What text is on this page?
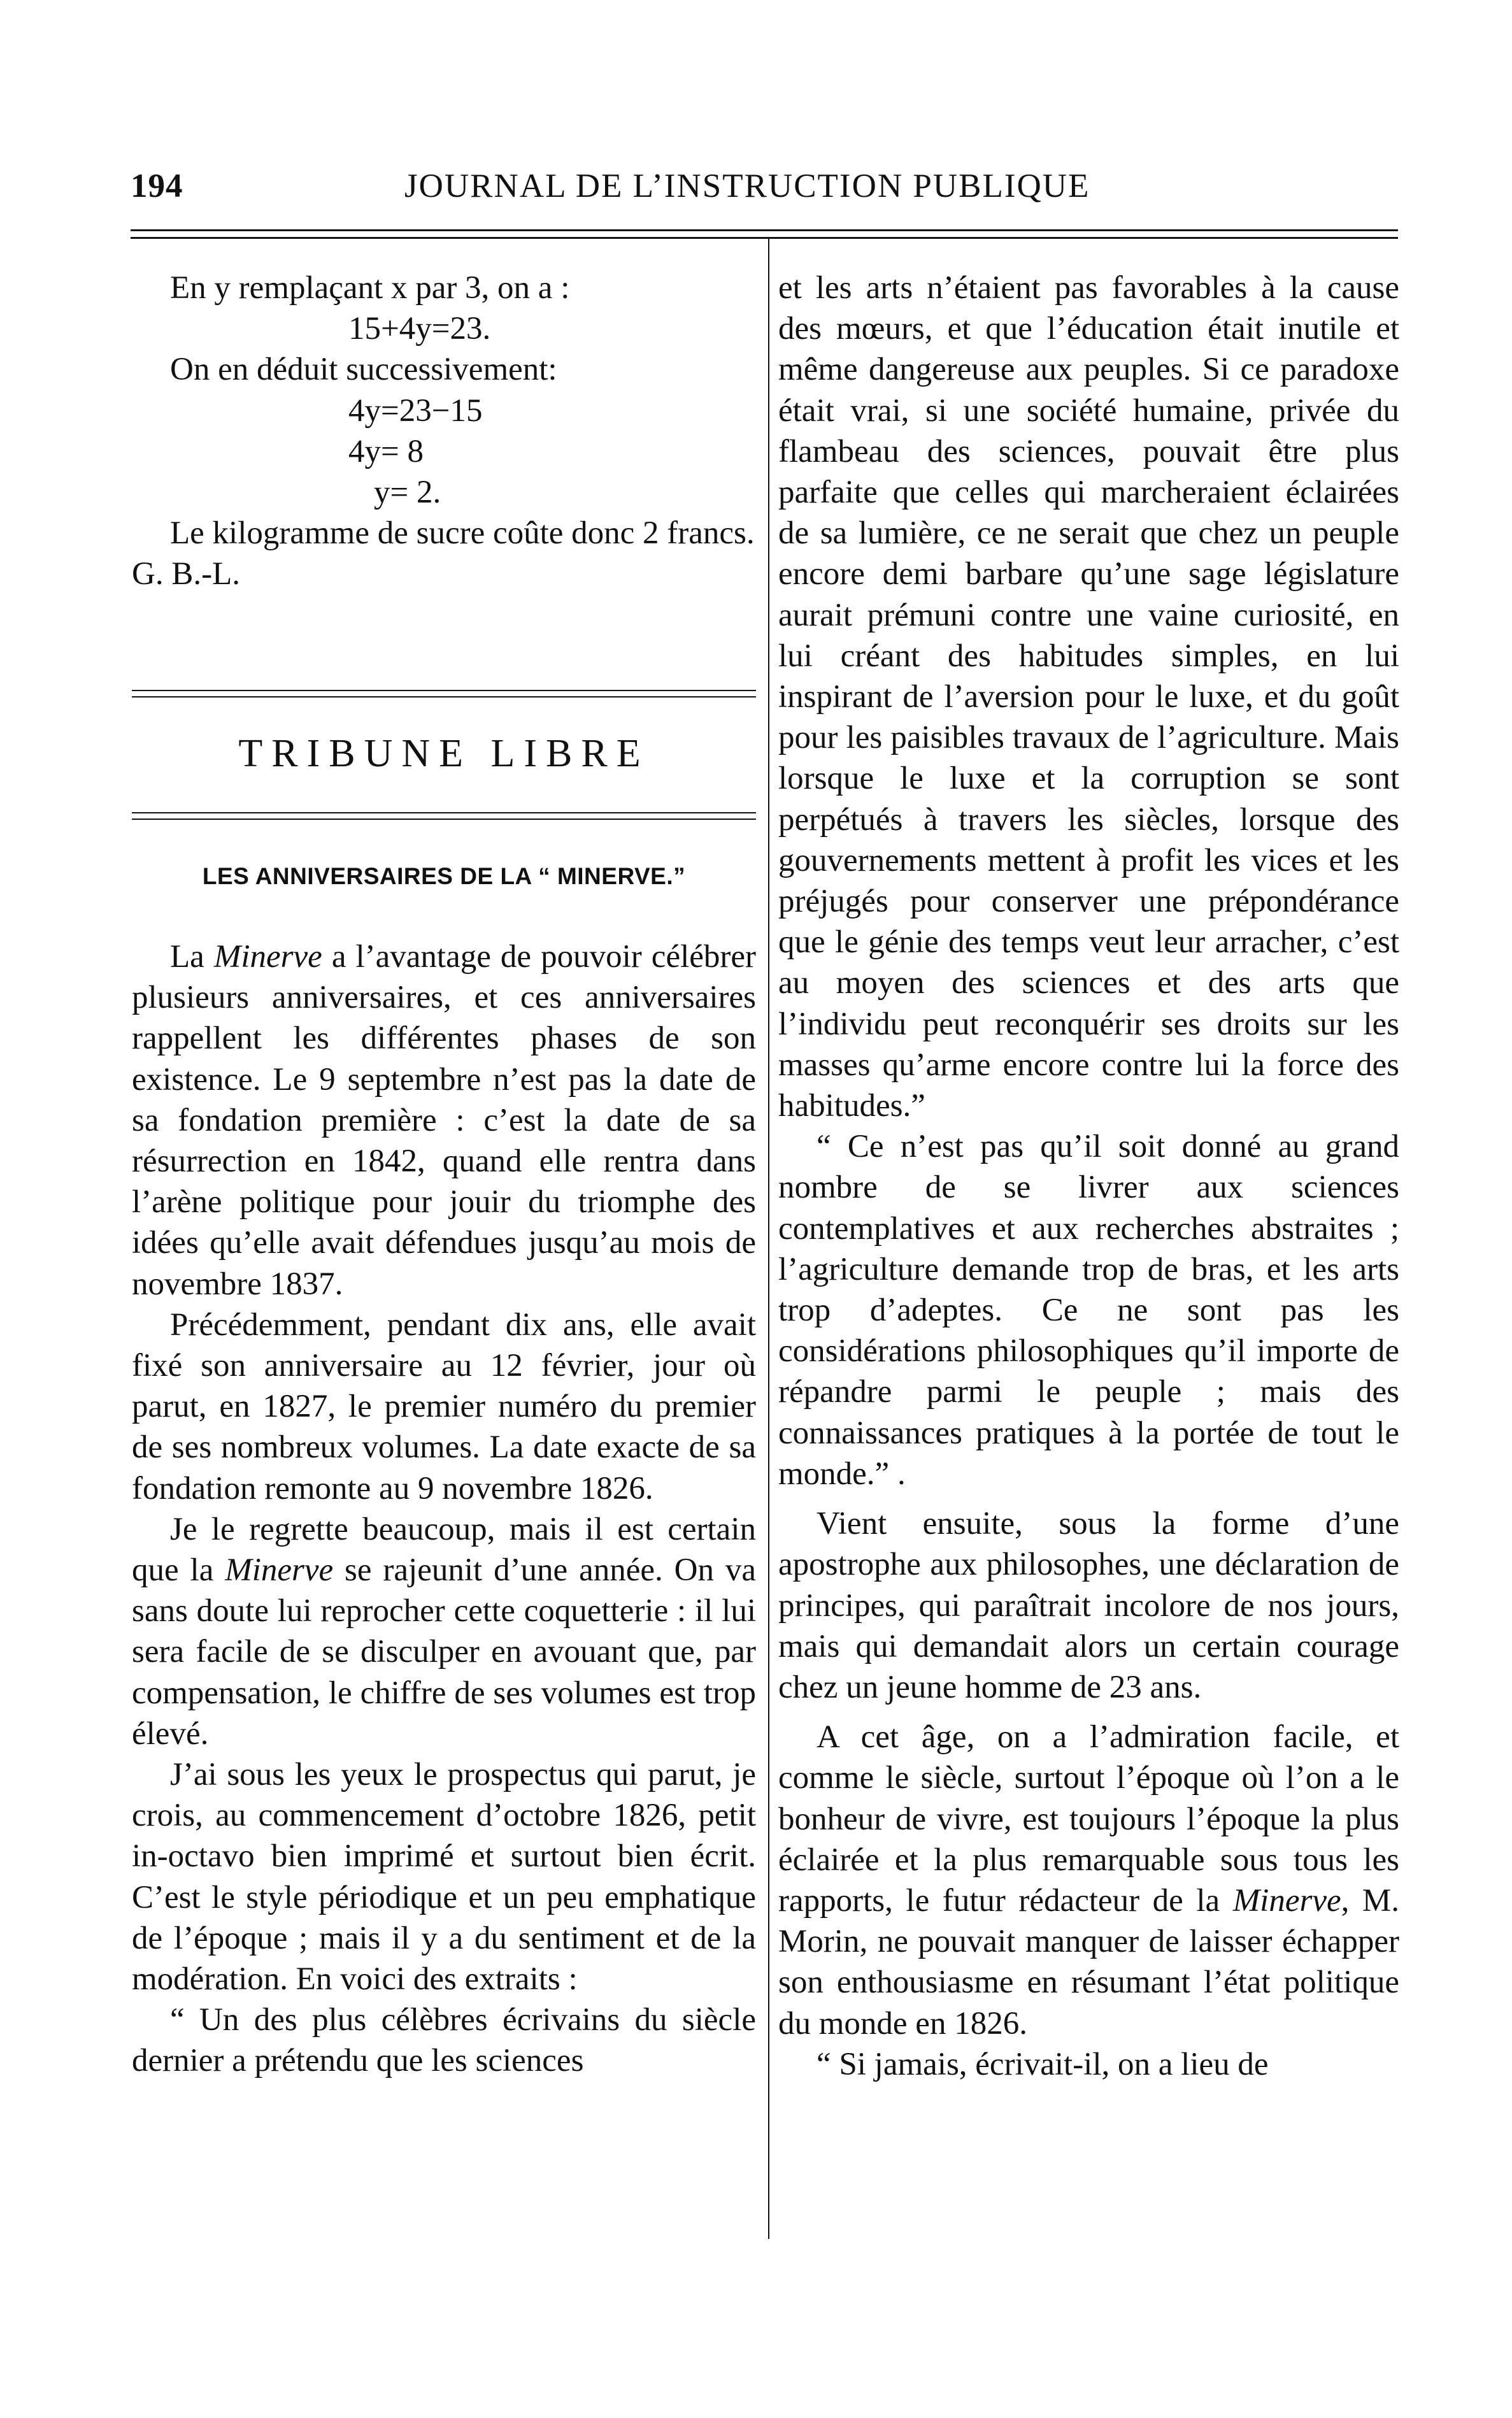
194	JOURNAL DE L’INSTRUCTION PUBLIQUE

En y remplaçant x par 3, on a :

15+4y=23.

On en déduit successivement:

4y=23−15

4y= 8

y= 2.

Le kilogramme de sucre coûte donc 2 francs.

G. B.-L.

TRIBUNE LIBRE
LES ANNIVERSAIRES DE LA “ MINERVE.”

La Minerve a l’avantage de pouvoir célébrer plusieurs anniversaires, et ces anniversaires rappellent les différentes phases de son existence. Le 9 septembre n’est pas la date de sa fondation première : c’est la date de sa résurrection en 1842, quand elle rentra dans l’arène politique pour jouir du triomphe des idées qu’elle avait défendues jusqu’au mois de novembre 1837.

Précédemment, pendant dix ans, elle avait fixé son anniversaire au 12 février, jour où parut, en 1827, le premier numéro du premier de ses nombreux volumes. La date exacte de sa fondation remonte au 9 novembre 1826.

Je le regrette beaucoup, mais il est certain que la Minerve se rajeunit d’une année. On va sans doute lui reprocher cette coquetterie : il lui sera facile de se disculper en avouant que, par compensation, le chiffre de ses volumes est trop élevé.

J’ai sous les yeux le prospectus qui parut, je crois, au commencement d’octobre 1826, petit in-octavo bien imprimé et surtout bien écrit. C’est le style périodique et un peu emphatique de l’époque ; mais il y a du sentiment et de la modération. En voici des extraits :

“ Un des plus célèbres écrivains du siècle dernier a prétendu que les sciences

et les arts n’étaient pas favorables à la cause des mœurs, et que l’éducation était inutile et même dangereuse aux peuples. Si ce paradoxe était vrai, si une société humaine, privée du flambeau des sciences, pouvait être plus parfaite que celles qui marcheraient éclairées de sa lumière, ce ne serait que chez un peuple encore demi barbare qu’une sage législature aurait prémuni contre une vaine curiosité, en lui créant des habitudes simples, en lui inspirant de l’aversion pour le luxe, et du goût pour les paisibles travaux de l’agriculture. Mais lorsque le luxe et la corruption se sont perpétués à travers les siècles, lorsque des gouvernements mettent à profit les vices et les préjugés pour conserver une prépondérance que le génie des temps veut leur arracher, c’est au moyen des sciences et des arts que l’individu peut reconquérir ses droits sur les masses qu’arme encore contre lui la force des habitudes.”

“ Ce n’est pas qu’il soit donné au grand nombre de se livrer aux sciences contemplatives et aux recherches abstraites ; l’agriculture demande trop de bras, et les arts trop d’adeptes. Ce ne sont pas les considérations philosophiques qu’il importe de répandre parmi le peuple ; mais des connaissances pratiques à la portée de tout le monde.” .

Vient ensuite, sous la forme d’une apostrophe aux philosophes, une déclaration de principes, qui paraîtrait incolore de nos jours, mais qui demandait alors un certain courage chez un jeune homme de 23 ans.

A cet âge, on a l’admiration facile, et comme le siècle, surtout l’époque où l’on a le bonheur de vivre, est toujours l’époque la plus éclairée et la plus remarquable sous tous les rapports, le futur rédacteur de la Minerve, M. Morin, ne pouvait manquer de laisser échapper son enthousiasme en résumant l’état politique du monde en 1826.

“ Si jamais, écrivait-il, on a lieu de
